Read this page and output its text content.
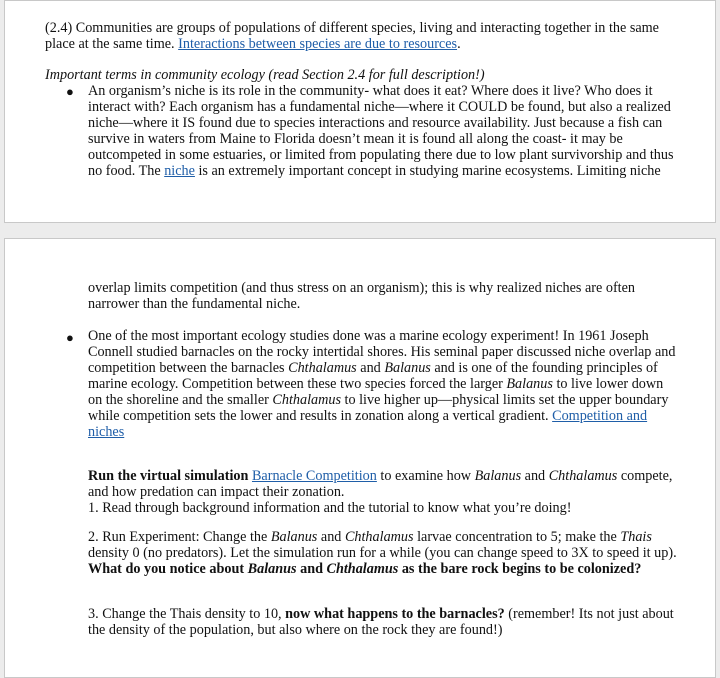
(2.4) Communities are groups of populations of different species, living and interacting together in the same place at the same time. Interactions between species are due to resources.

Important terms in community ecology (read Section 2.4 for full description!)

● An organism’s niche is its role in the community- what does it eat? Where does it live? Who does it interact with? Each organism has a fundamental niche—where it COULD be found, but also a realized niche—where it IS found due to species interactions and resource availability. Just because a fish can survive in waters from Maine to Florida doesn’t mean it is found all along the coast- it may be outcompeted in some estuaries, or limited from populating there due to low plant survivorship and thus no food. The niche is an extremely important concept in studying marine ecosystems. Limiting niche

overlap limits competition (and thus stress on an organism); this is why realized niches are often narrower than the fundamental niche.

● One of the most important ecology studies done was a marine ecology experiment! In 1961 Joseph Connell studied barnacles on the rocky intertidal shores. His seminal paper discussed niche overlap and competition between the barnacles Chthalamus and Balanus and is one of the founding principles of marine ecology. Competition between these two species forced the larger Balanus to live lower down on the shoreline and the smaller Chthalamus to live higher up—physical limits set the upper boundary while competition sets the lower and results in zonation along a vertical gradient. Competition and niches

Run the virtual simulation Barnacle Competition to examine how Balanus and Chthalamus compete, and how predation can impact their zonation.
1. Read through background information and the tutorial to know what you’re doing!

2. Run Experiment: Change the Balanus and Chthalamus larvae concentration to 5; make the Thais density 0 (no predators). Let the simulation run for a while (you can change speed to 3X to speed it up). What do you notice about Balanus and Chthalamus as the bare rock begins to be colonized?

3. Change the Thais density to 10, now what happens to the barnacles? (remember! Its not just about the density of the population, but also where on the rock they are found!)
